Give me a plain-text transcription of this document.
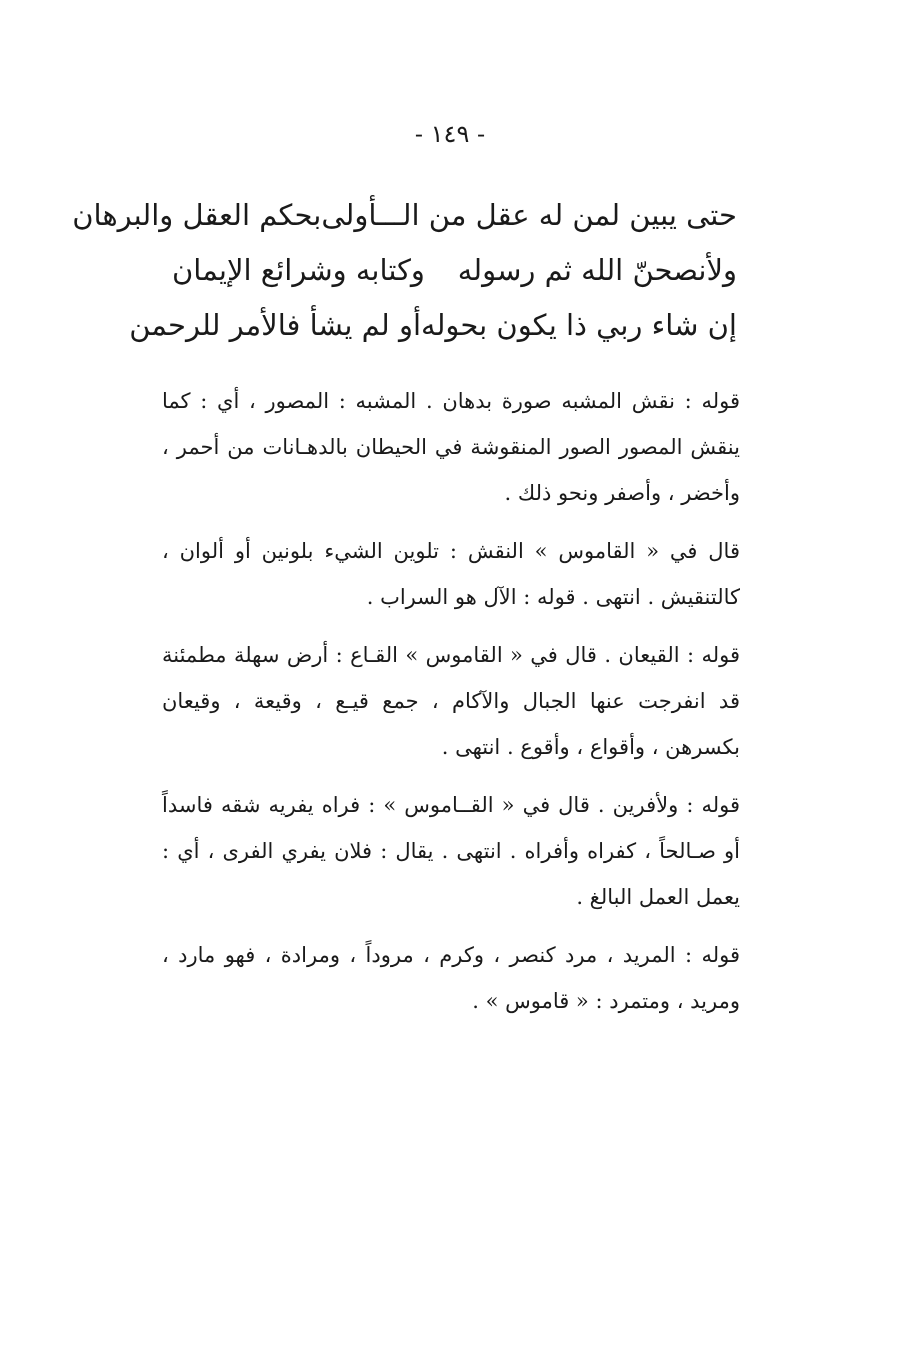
- ١٤٩ -
حتى يبين لمن له عقل من الـــأولى
بحكم العقل والبرهان
ولأنصحنّ الله ثم رسوله
وكتابه وشرائع الإيمان
إن شاء ربي ذا يكون بحوله
أو لم يشأ فالأمر للرحمن

قوله : نقش المشبه صورة بدهان . المشبه : المصور ، أي : كما ينقش المصور الصور المنقوشة في الحيطان بالدهـانات من أحمر ، وأخضر ، وأصفر ونحو ذلك .

قال في « القاموس » النقش : تلوين الشيء بلونين أو ألوان ، كالتنقيش . انتهى . قوله : الآل هو السراب .

قوله : القيعان . قال في « القاموس » القـاع : أرض سهلة مطمئنة قد انفرجت عنها الجبال والآكام ، جمع قيـع ، وقيعة ، وقيعان بكسرهن ، وأقواع ، وأقوع . انتهى .

قوله : ولأفرين . قال في « القــاموس » : فراه يفريه شقه فاسداً أو صـالحاً ، كفراه وأفراه . انتهى . يقال : فلان يفري الفرى ، أي : يعمل العمل البالغ .

قوله : المريد ، مرد كنصر ، وكرم ، مروداً ، ومرادة ، فهو مارد ، ومريد ، ومتمرد : « قاموس » .
